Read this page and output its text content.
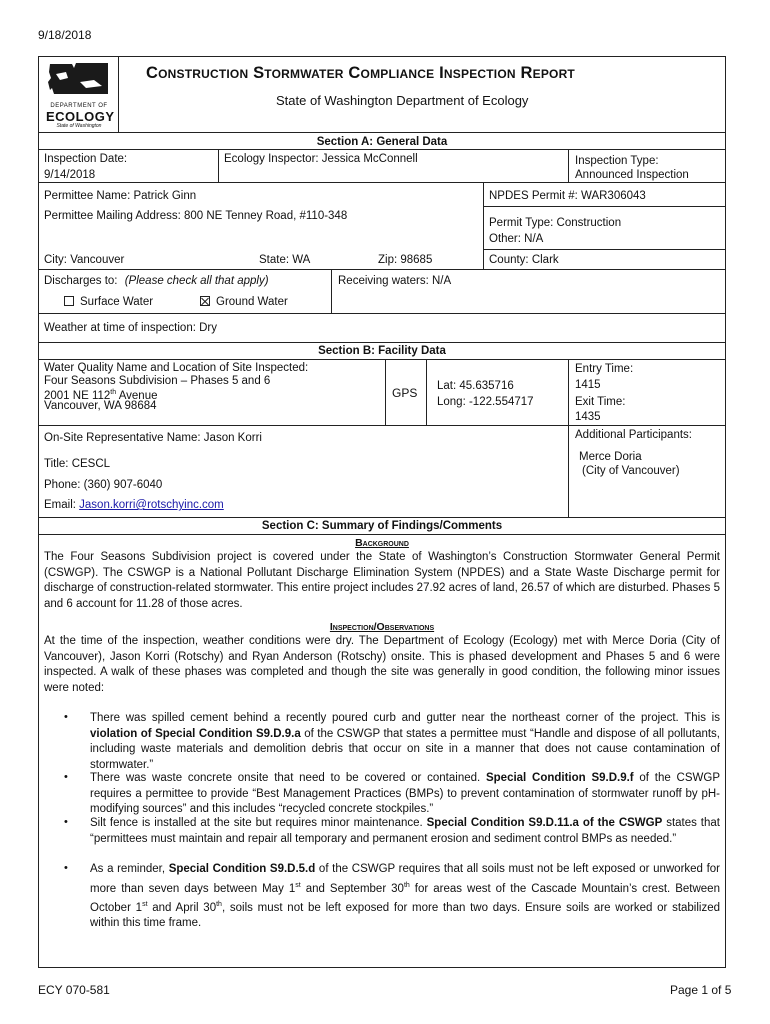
9/18/2018
DEPARTMENT OF
ECOLOGY
State of Washington
Construction Stormwater Compliance Inspection Report
State of Washington Department of Ecology
Section A: General Data
Inspection Date:
9/14/2018
Ecology Inspector: Jessica McConnell	Inspection Type:
Announced Inspection
Permittee Name: Patrick Ginn
Permittee Mailing Address: 800 NE Tenney Road, #110-348
NPDES Permit #: WAR306043
Permit Type: Construction
Other: N/A
City: Vancouver	State: WA	Zip: 98685	County: Clark
Discharges to: (Please check all that apply)	Receiving waters: N/A
Surface Water	Ground Water
Weather at time of inspection: Dry
Section B: Facility Data
Water Quality Name and Location of Site Inspected:
Four Seasons Subdivision – Phases 5 and 6
2001 NE 112th Avenue
Vancouver, WA 98684
GPS Lat: 45.635716
Long: -122.554717
Entry Time:
1415
Exit Time:
1435
On-Site Representative Name: Jason Korri	Additional Participants:
Merce Doria
(City of Vancouver)
Title: CESCL
Phone: (360) 907-6040
Email: Jason.korri@rotschyinc.com
Section C: Summary of Findings/Comments
Background
The Four Seasons Subdivision project is covered under the State of Washington’s Construction Stormwater General Permit (CSWGP). The CSWGP is a National Pollutant Discharge Elimination System (NPDES) and a State Waste Discharge permit for discharge of construction-related stormwater. This entire project includes 27.92 acres of land, 26.57 of which are disturbed. Phases 5 and 6 account for 11.28 of those acres.
Inspection/Observations
At the time of the inspection, weather conditions were dry. The Department of Ecology (Ecology) met with Merce Doria (City of Vancouver), Jason Korri (Rotschy) and Ryan Anderson (Rotschy) onsite. This is phased development and Phases 5 and 6 were inspected. A walk of these phases was completed and though the site was generally in good condition, the following minor issues were noted:
• There was spilled cement behind a recently poured curb and gutter near the northeast corner of the project. This is violation of Special Condition S9.D.9.a of the CSWGP that states a permittee must “Handle and dispose of all pollutants, including waste materials and demolition debris that occur on site in a manner that does not cause contamination of stormwater.”
• There was waste concrete onsite that need to be covered or contained. Special Condition S9.D.9.f of the CSWGP requires a permittee to provide “Best Management Practices (BMPs) to prevent contamination of stormwater runoff by pH-modifying sources” and this includes “recycled concrete stockpiles.”
• Silt fence is installed at the site but requires minor maintenance. Special Condition S9.D.11.a of the CSWGP states that “permittees must maintain and repair all temporary and permanent erosion and sediment control BMPs as needed.”
• As a reminder, Special Condition S9.D.5.d of the CSWGP requires that all soils must not be left exposed or unworked for more than seven days between May 1st and September 30th for areas west of the Cascade Mountain’s crest. Between October 1st and April 30th, soils must not be left exposed for more than two days. Ensure soils are worked or stabilized within this time frame.
ECY 070-581	Page 1 of 5
